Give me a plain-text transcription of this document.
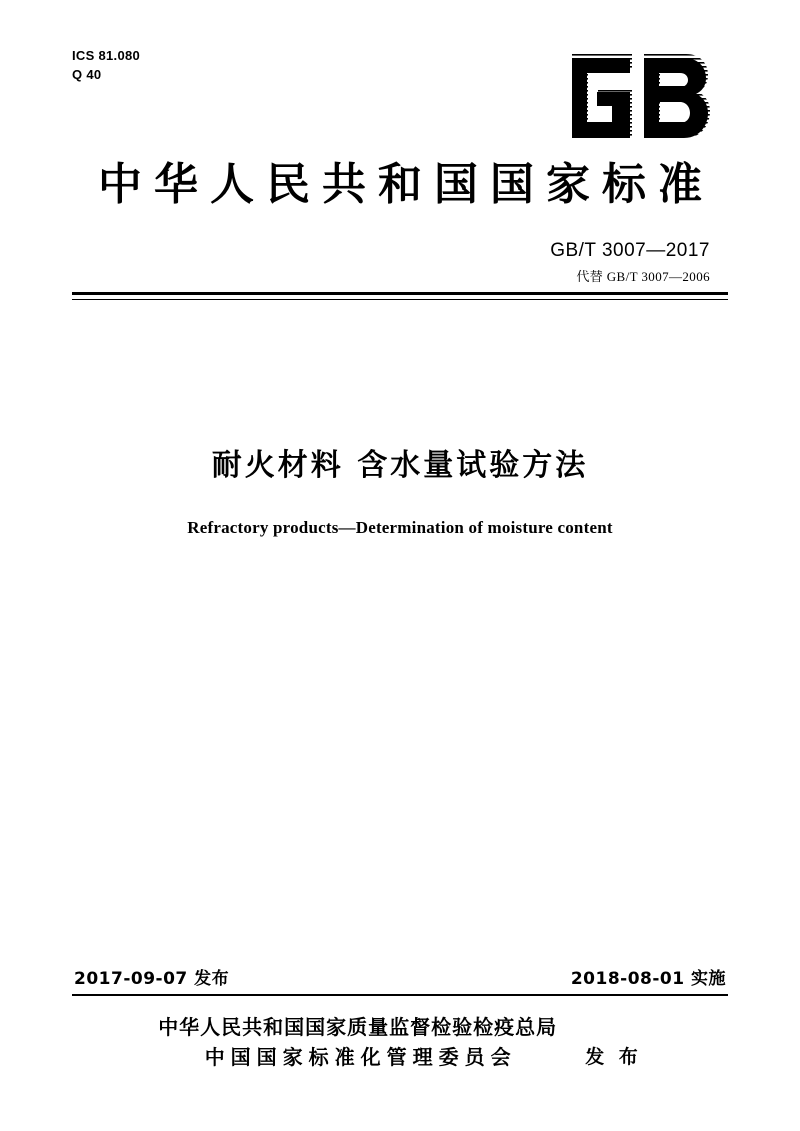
ICS 81.080
Q 40
中华人民共和国国家标准
GB/T 3007—2017
代替 GB/T 3007—2006
耐火材料 含水量试验方法
Refractory products—Determination of moisture content
2017-09-07 发布	2018-08-01 实施
中华人民共和国国家质量监督检验检疫总局
中国国家标准化管理委员会	发 布
